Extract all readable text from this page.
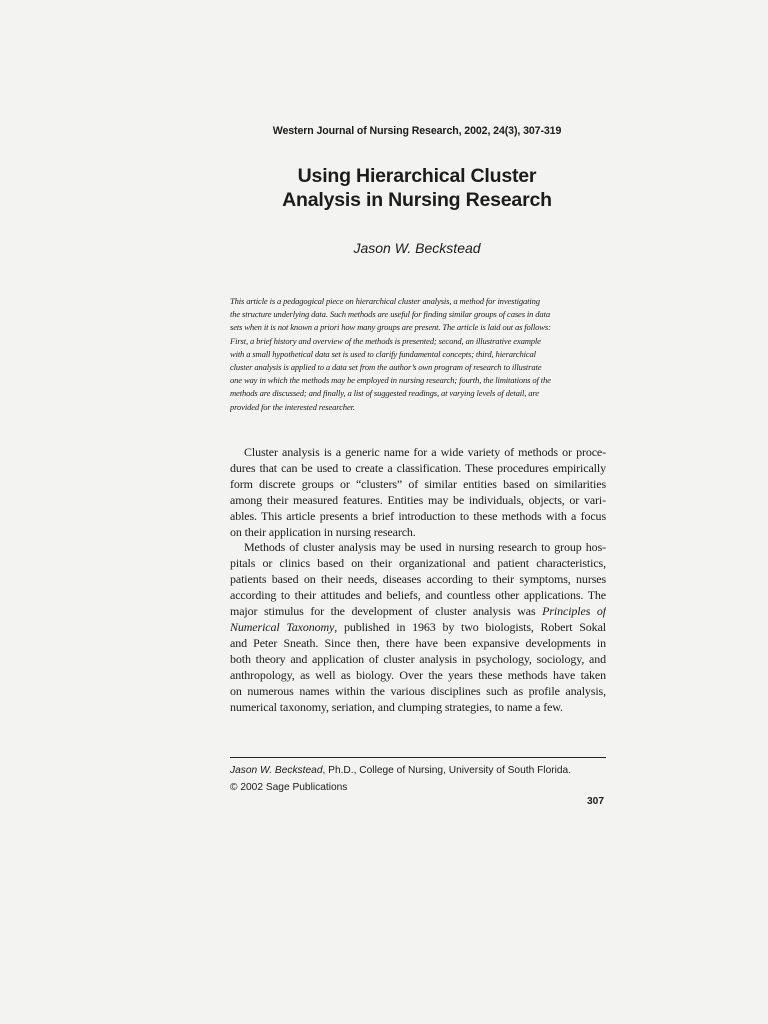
Western Journal of Nursing Research, 2002, 24(3), 307-319
Using Hierarchical Cluster
Analysis in Nursing Research
Jason W. Beckstead
This article is a pedagogical piece on hierarchical cluster analysis, a method for investigating
the structure underlying data. Such methods are useful for finding similar groups of cases in data
sets when it is not known a priori how many groups are present. The article is laid out as follows:
First, a brief history and overview of the methods is presented; second, an illustrative example
with a small hypothetical data set is used to clarify fundamental concepts; third, hierarchical
cluster analysis is applied to a data set from the author’s own program of research to illustrate
one way in which the methods may be employed in nursing research; fourth, the limitations of the
methods are discussed; and finally, a list of suggested readings, at varying levels of detail, are
provided for the interested researcher.
Cluster analysis is a generic name for a wide variety of methods or proce-
dures that can be used to create a classification. These procedures empirically
form discrete groups or “clusters” of similar entities based on similarities
among their measured features. Entities may be individuals, objects, or vari-
ables. This article presents a brief introduction to these methods with a focus
on their application in nursing research.
Methods of cluster analysis may be used in nursing research to group hos-
pitals or clinics based on their organizational and patient characteristics,
patients based on their needs, diseases according to their symptoms, nurses
according to their attitudes and beliefs, and countless other applications. The
major stimulus for the development of cluster analysis was Principles of
Numerical Taxonomy, published in 1963 by two biologists, Robert Sokal
and Peter Sneath. Since then, there have been expansive developments in
both theory and application of cluster analysis in psychology, sociology, and
anthropology, as well as biology. Over the years these methods have taken
on numerous names within the various disciplines such as profile analysis,
numerical taxonomy, seriation, and clumping strategies, to name a few.
Jason W. Beckstead, Ph.D., College of Nursing, University of South Florida.
© 2002 Sage Publications
307
